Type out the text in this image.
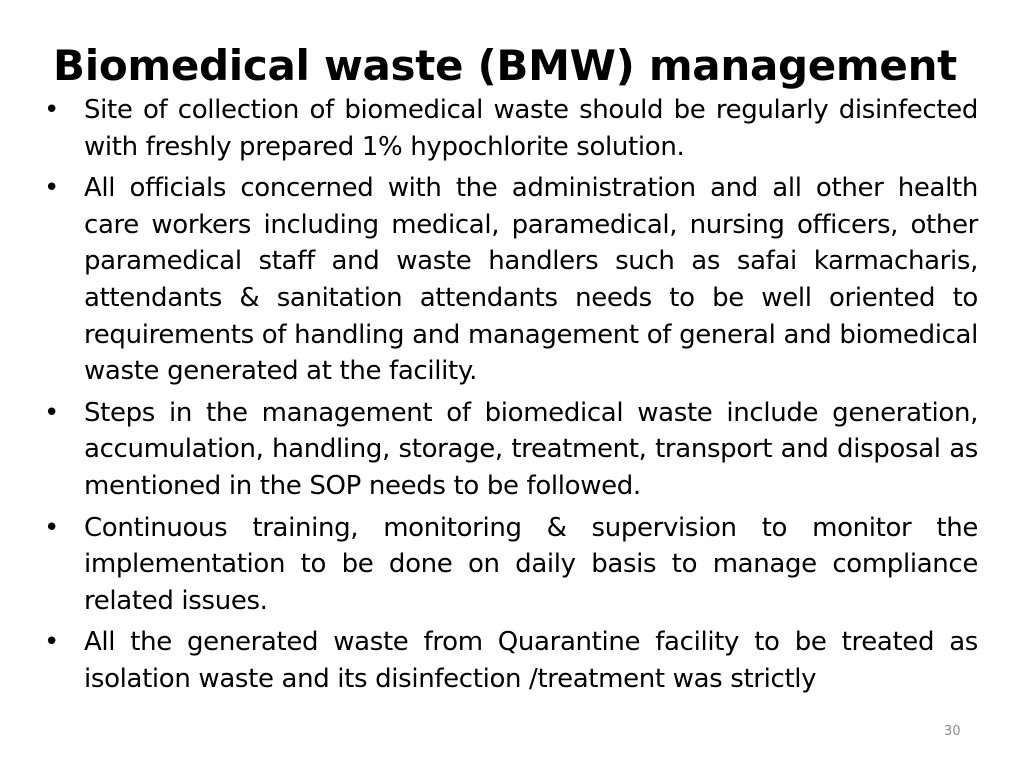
Biomedical waste (BMW) management
• Site of collection of biomedical waste should be regularly disinfected with freshly prepared 1% hypochlorite solution.
• All officials concerned with the administration and all other health care workers including medical, paramedical, nursing officers, other paramedical staff and waste handlers such as safai karmacharis, attendants & sanitation attendants needs to be well oriented to requirements of handling and management of general and biomedical waste generated at the facility.
• Steps in the management of biomedical waste include generation, accumulation, handling, storage, treatment, transport and disposal as mentioned in the SOP needs to be followed.
• Continuous training, monitoring & supervision to monitor the implementation to be done on daily basis to manage compliance related issues.
• All the generated waste from Quarantine facility to be treated as isolation waste and its disinfection /treatment was strictly
30
